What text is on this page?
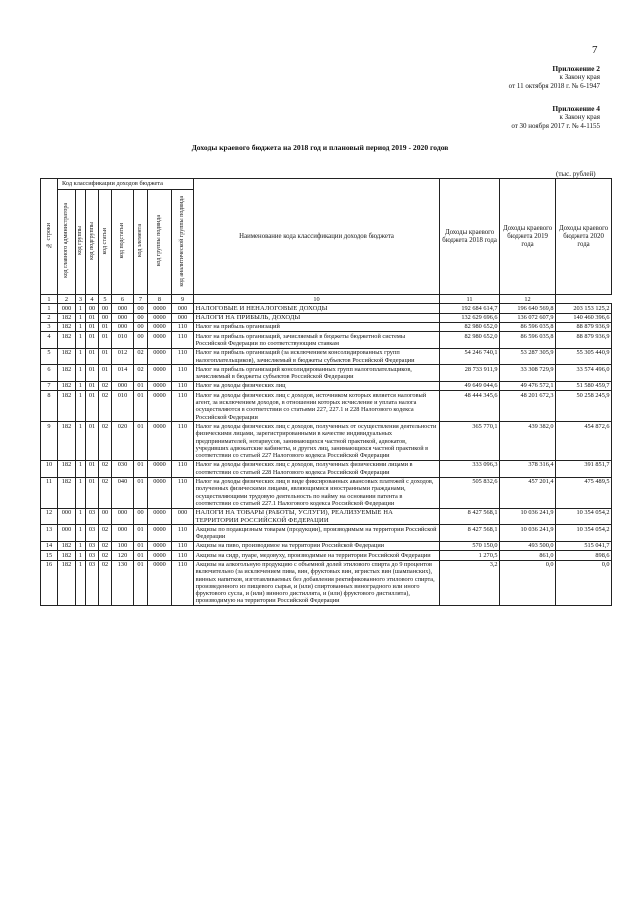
7
Приложение 2
к Закону края
от 11 октября 2018 г. № 6-1947
Приложение 4
к Закону края
от 30 ноября 2017 г. № 4-1155
Доходы краевого бюджета на 2018 год и плановый период 2019 - 2020 годов
(тыс. рублей)
№ строки	Код классификации доходов бюджета								Наименование кода классификации доходов бюджета	Доходы краевого бюджета 2018 года	Доходы краевого бюджета 2019 года	Доходы краевого бюджета 2020 года
	код главного администратора	код группы	код подгруппы	код статьи	код подстатьи	код элемента	код группы подвида	код аналитической группы подвида				
1	2	3	4	5	6	7	8	9	10	11	12	
1	000	1	00	00	000	00	0000	000	НАЛОГОВЫЕ И НЕНАЛОГОВЫЕ ДОХОДЫ	192 684 614,7	196 640 569,8	203 153 125,2
2	182	1	01	00	000	00	0000	000	НАЛОГИ НА ПРИБЫЛЬ, ДОХОДЫ	132 629 696,6	136 072 607,9	140 460 396,6
3	182	1	01	01	000	00	0000	110	Налог на прибыль организаций	82 980 652,0	86 596 035,8	88 879 936,9
4	182	1	01	01	010	00	0000	110	Налог на прибыль организаций, зачисляемый в бюджеты бюджетной системы Российской Федерации по соответствующим ставкам	82 980 652,0	86 596 035,8	88 879 936,9
5	182	1	01	01	012	02	0000	110	Налог на прибыль организаций (за исключением консолидированных групп налогоплательщиков), зачисляемый в бюджеты субъектов Российской Федерации	54 246 740,1	53 287 305,9	55 305 440,9
6	182	1	01	01	014	02	0000	110	Налог на прибыль организаций консолидированных групп налогоплательщиков, зачисляемый в бюджеты субъектов Российской Федерации	28 733 911,9	33 308 729,9	33 574 496,0
7	182	1	01	02	000	01	0000	110	Налог на доходы физических лиц	49 649 044,6	49 476 572,1	51 580 459,7
8	182	1	01	02	010	01	0000	110	Налог на доходы физических лиц с доходов, источником которых является налоговый агент, за исключением доходов, в отношении которых исчисление и уплата налога осуществляются в соответствии со статьями 227, 227.1 и 228 Налогового кодекса Российской Федерации	48 444 345,6	48 201 672,3	50 258 245,9
9	182	1	01	02	020	01	0000	110	Налог на доходы физических лиц с доходов, полученных от осуществления деятельности физическими лицами, зарегистрированными в качестве индивидуальных предпринимателей, нотариусов, занимающихся частной практикой, адвокатов, учредивших адвокатские кабинеты, и других лиц, занимающихся частной практикой в соответствии со статьей 227 Налогового кодекса Российской Федерации	365 770,1	439 382,0	454 872,6
10	182	1	01	02	030	01	0000	110	Налог на доходы физических лиц с доходов, полученных физическими лицами в соответствии со статьей 228 Налогового кодекса Российской Федерации	333 096,3	378 316,4	391 851,7
11	182	1	01	02	040	01	0000	110	Налог на доходы физических лиц в виде фиксированных авансовых платежей с доходов, полученных физическими лицами, являющимися иностранными гражданами, осуществляющими трудовую деятельность по найму на основании патента в соответствии со статьей 227.1 Налогового кодекса Российской Федерации	505 832,6	457 201,4	475 489,5
12	000	1	03	00	000	00	0000	000	НАЛОГИ НА ТОВАРЫ (РАБОТЫ, УСЛУГИ), РЕАЛИЗУЕМЫЕ НА ТЕРРИТОРИИ РОССИЙСКОЙ ФЕДЕРАЦИИ	8 427 568,1	10 036 241,9	10 354 054,2
13	000	1	03	02	000	01	0000	110	Акцизы по подакцизным товарам (продукции), производимым на территории Российской Федерации	8 427 568,1	10 036 241,9	10 354 054,2
14	182	1	03	02	100	01	0000	110	Акцизы на пиво, производимое на территории Российской Федерации	570 150,0	493 500,0	515 041,7
15	182	1	03	02	120	01	0000	110	Акцизы на сидр, пуаре, медовуху, производимые на территории Российской Федерации	1 270,5	861,0	898,6
16	182	1	03	02	130	01	0000	110	Акцизы на алкогольную продукцию с объемной долей этилового спирта до 9 процентов включительно (за исключением пива, вин, фруктовых вин, игристых вин (шампанских), винных напитков, изготавливаемых без добавления ректификованного этилового спирта, произведенного из пищевого сырья, и (или) спиртованных виноградного или иного фруктового сусла, и (или) винного дистиллята, и (или) фруктового дистиллята), производимую на территории Российской Федерации	3,2	0,0	0,0
